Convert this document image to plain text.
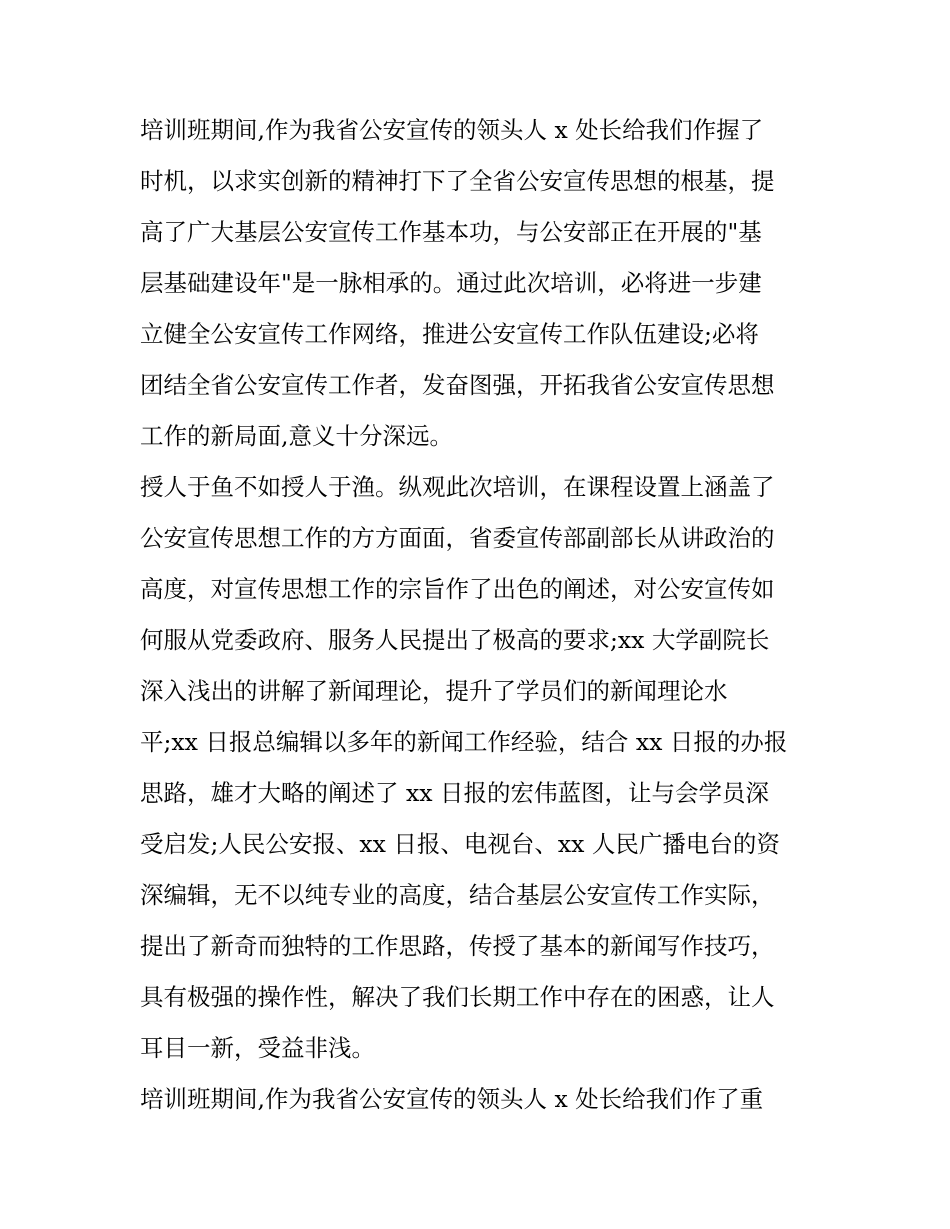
培训班期间,作为我省公安宣传的领头人 x 处长给我们作握了
时机，以求实创新的精神打下了全省公安宣传思想的根基，提
高了广大基层公安宣传工作基本功，与公安部正在开展的"基
层基础建设年"是一脉相承的。通过此次培训，必将进一步建
立健全公安宣传工作网络，推进公安宣传工作队伍建设;必将
团结全省公安宣传工作者，发奋图强，开拓我省公安宣传思想
工作的新局面,意义十分深远。
授人于鱼不如授人于渔。纵观此次培训，在课程设置上涵盖了
公安宣传思想工作的方方面面，省委宣传部副部长从讲政治的
高度，对宣传思想工作的宗旨作了出色的阐述，对公安宣传如
何服从党委政府、服务人民提出了极高的要求;xx 大学副院长
深入浅出的讲解了新闻理论，提升了学员们的新闻理论水
平;xx 日报总编辑以多年的新闻工作经验，结合 xx 日报的办报
思路，雄才大略的阐述了 xx 日报的宏伟蓝图，让与会学员深
受启发;人民公安报、xx 日报、电视台、xx 人民广播电台的资
深编辑，无不以纯专业的高度，结合基层公安宣传工作实际，
提出了新奇而独特的工作思路，传授了基本的新闻写作技巧，
具有极强的操作性，解决了我们长期工作中存在的困惑，让人
耳目一新，受益非浅。
培训班期间,作为我省公安宣传的领头人 x 处长给我们作了重
